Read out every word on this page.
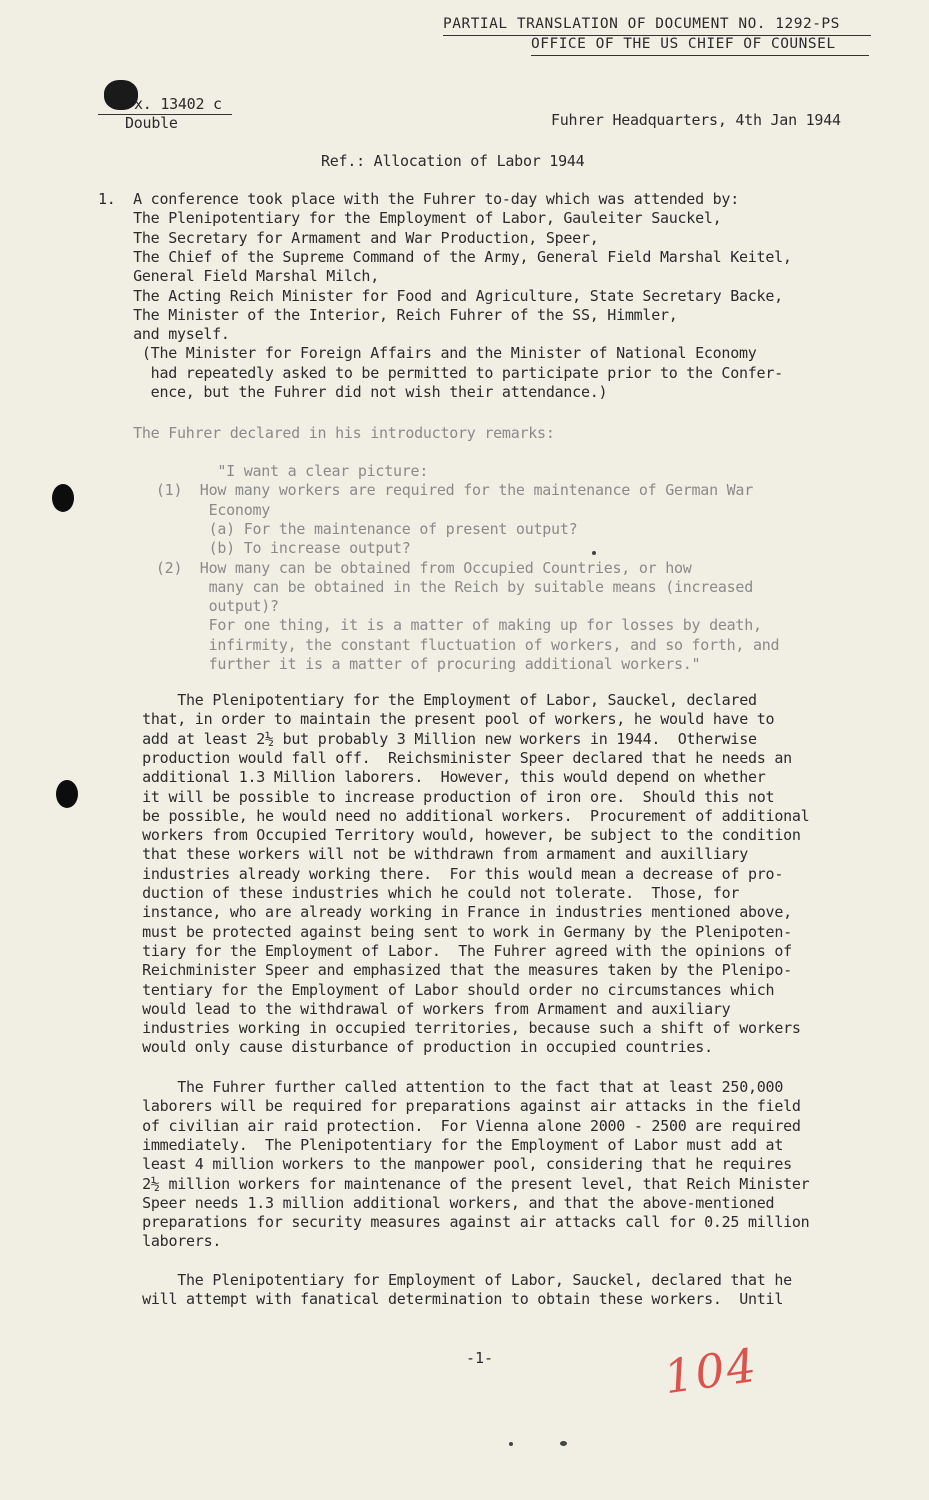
PARTIAL TRANSLATION OF DOCUMENT NO. 1292-PS
OFFICE OF THE US CHIEF OF COUNSEL
x. 13402 c
Double	Fuhrer Headquarters, 4th Jan 1944
Ref.: Allocation of Labor 1944
1.  A conference took place with the Fuhrer to-day which was attended by:
The Plenipotentiary for the Employment of Labor, Gauleiter Sauckel,
The Secretary for Armament and War Production, Speer,
The Chief of the Supreme Command of the Army, General Field Marshal Keitel,
General Field Marshal Milch,
The Acting Reich Minister for Food and Agriculture, State Secretary Backe,
The Minister of the Interior, Reich Fuhrer of the SS, Himmler,
and myself.
(The Minister for Foreign Affairs and the Minister of National Economy
had repeatedly asked to be permitted to participate prior to the Confer-
ence, but the Fuhrer did not wish their attendance.)
The Fuhrer declared in his introductory remarks:
"I want a clear picture:
(1)  How many workers are required for the maintenance of German War
Economy
(a) For the maintenance of present output?
(b) To increase output?
(2)  How many can be obtained from Occupied Countries, or how
many can be obtained in the Reich by suitable means (increased
output)?
For one thing, it is a matter of making up for losses by death,
infirmity, the constant fluctuation of workers, and so forth, and
further it is a matter of procuring additional workers."
The Plenipotentiary for the Employment of Labor, Sauckel, declared
that, in order to maintain the present pool of workers, he would have to
add at least 2½ but probably 3 Million new workers in 1944.  Otherwise
production would fall off.  Reichsminister Speer declared that he needs an
additional 1.3 Million laborers.  However, this would depend on whether
it will be possible to increase production of iron ore.  Should this not
be possible, he would need no additional workers.  Procurement of additional
workers from Occupied Territory would, however, be subject to the condition
that these workers will not be withdrawn from armament and auxilliary
industries already working there.  For this would mean a decrease of pro-
duction of these industries which he could not tolerate.  Those, for
instance, who are already working in France in industries mentioned above,
must be protected against being sent to work in Germany by the Plenipoten-
tiary for the Employment of Labor.  The Fuhrer agreed with the opinions of
Reichminister Speer and emphasized that the measures taken by the Plenipo-
tentiary for the Employment of Labor should order no circumstances which
would lead to the withdrawal of workers from Armament and auxiliary
industries working in occupied territories, because such a shift of workers
would only cause disturbance of production in occupied countries.
The Fuhrer further called attention to the fact that at least 250,000
laborers will be required for preparations against air attacks in the field
of civilian air raid protection.  For Vienna alone 2000 - 2500 are required
immediately.  The Plenipotentiary for the Employment of Labor must add at
least 4 million workers to the manpower pool, considering that he requires
2½ million workers for maintenance of the present level, that Reich Minister
Speer needs 1.3 million additional workers, and that the above-mentioned
preparations for security measures against air attacks call for 0.25 million
laborers.
The Plenipotentiary for Employment of Labor, Sauckel, declared that he
will attempt with fanatical determination to obtain these workers.  Until
-1-	104
